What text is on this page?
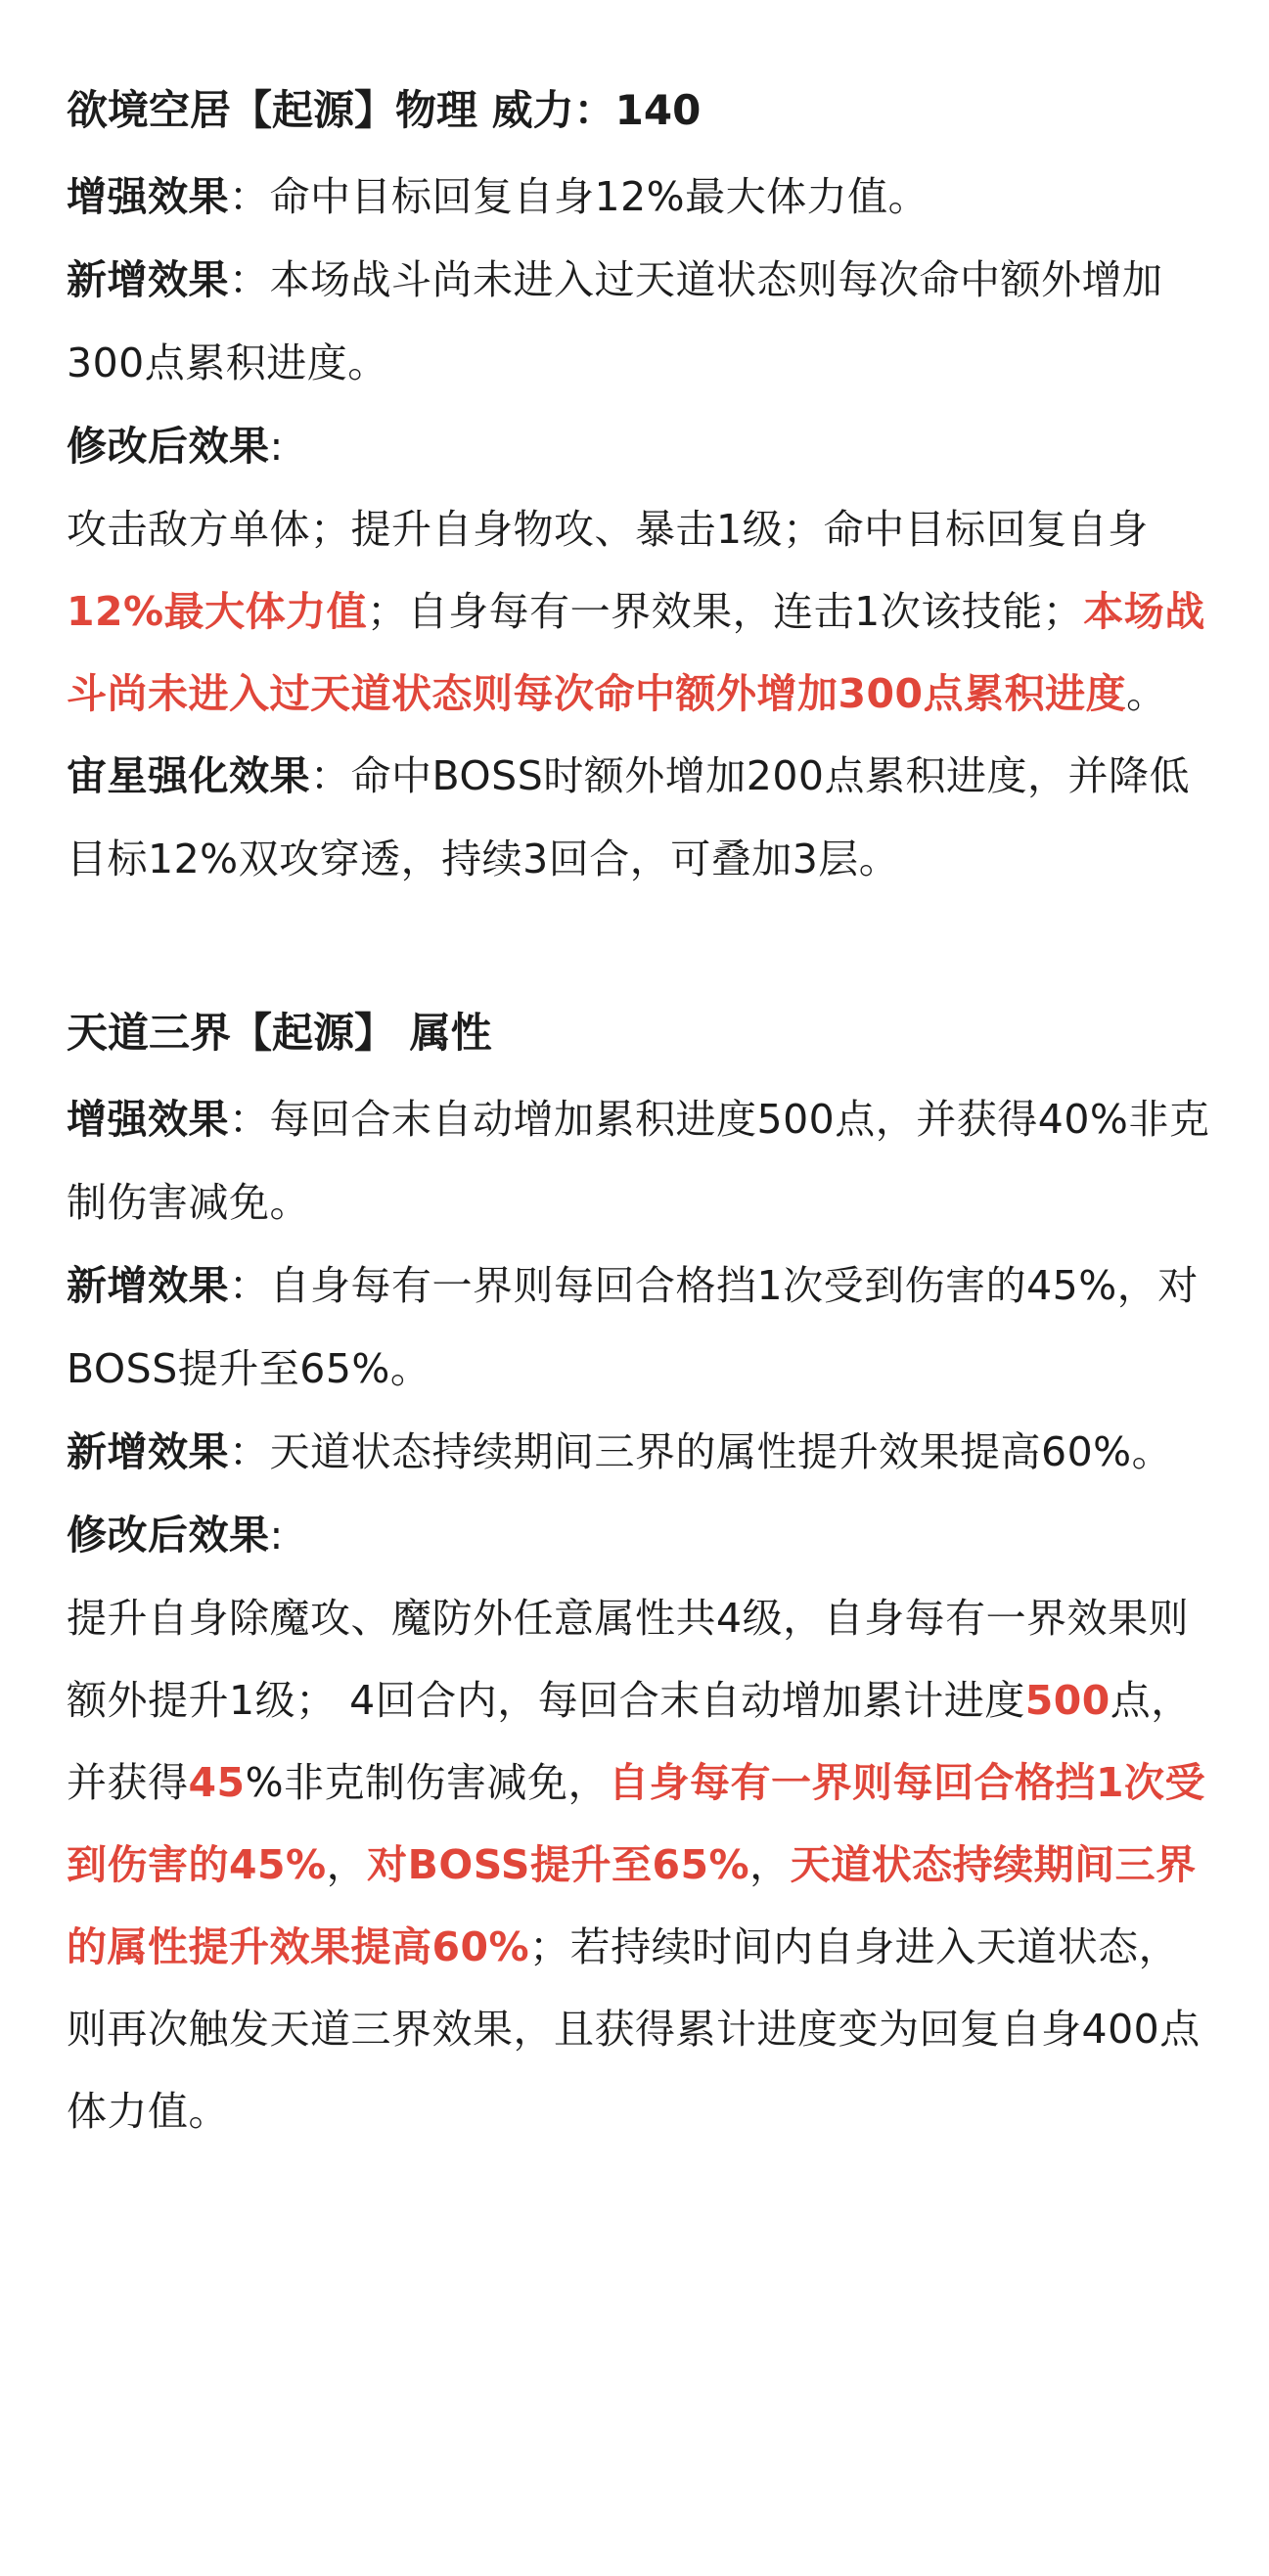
欲境空居【起源】物理 威力：140

增强效果：命中目标回复自身12%最大体力值。

新增效果：本场战斗尚未进入过天道状态则每次命中额外增加300点累积进度。

修改后效果:

攻击敌方单体；提升自身物攻、暴击1级；命中目标回复自身12%最大体力值；自身每有一界效果，连击1次该技能；本场战斗尚未进入过天道状态则每次命中额外增加300点累积进度。

宙星强化效果：命中BOSS时额外增加200点累积进度，并降低目标12%双攻穿透，持续3回合，可叠加3层。

天道三界【起源】 属性

增强效果：每回合末自动增加累积进度500点，并获得40%非克制伤害减免。

新增效果：自身每有一界则每回合格挡1次受到伤害的45%，对BOSS提升至65%。

新增效果：天道状态持续期间三界的属性提升效果提高60%。

修改后效果:

提升自身除魔攻、魔防外任意属性共4级，自身每有一界效果则额外提升1级； 4回合内，每回合末自动增加累计进度500点，并获得45%非克制伤害减免，自身每有一界则每回合格挡1次受到伤害的45%，对BOSS提升至65%，天道状态持续期间三界的属性提升效果提高60%；若持续时间内自身进入天道状态，则再次触发天道三界效果，且获得累计进度变为回复自身400点体力值。
